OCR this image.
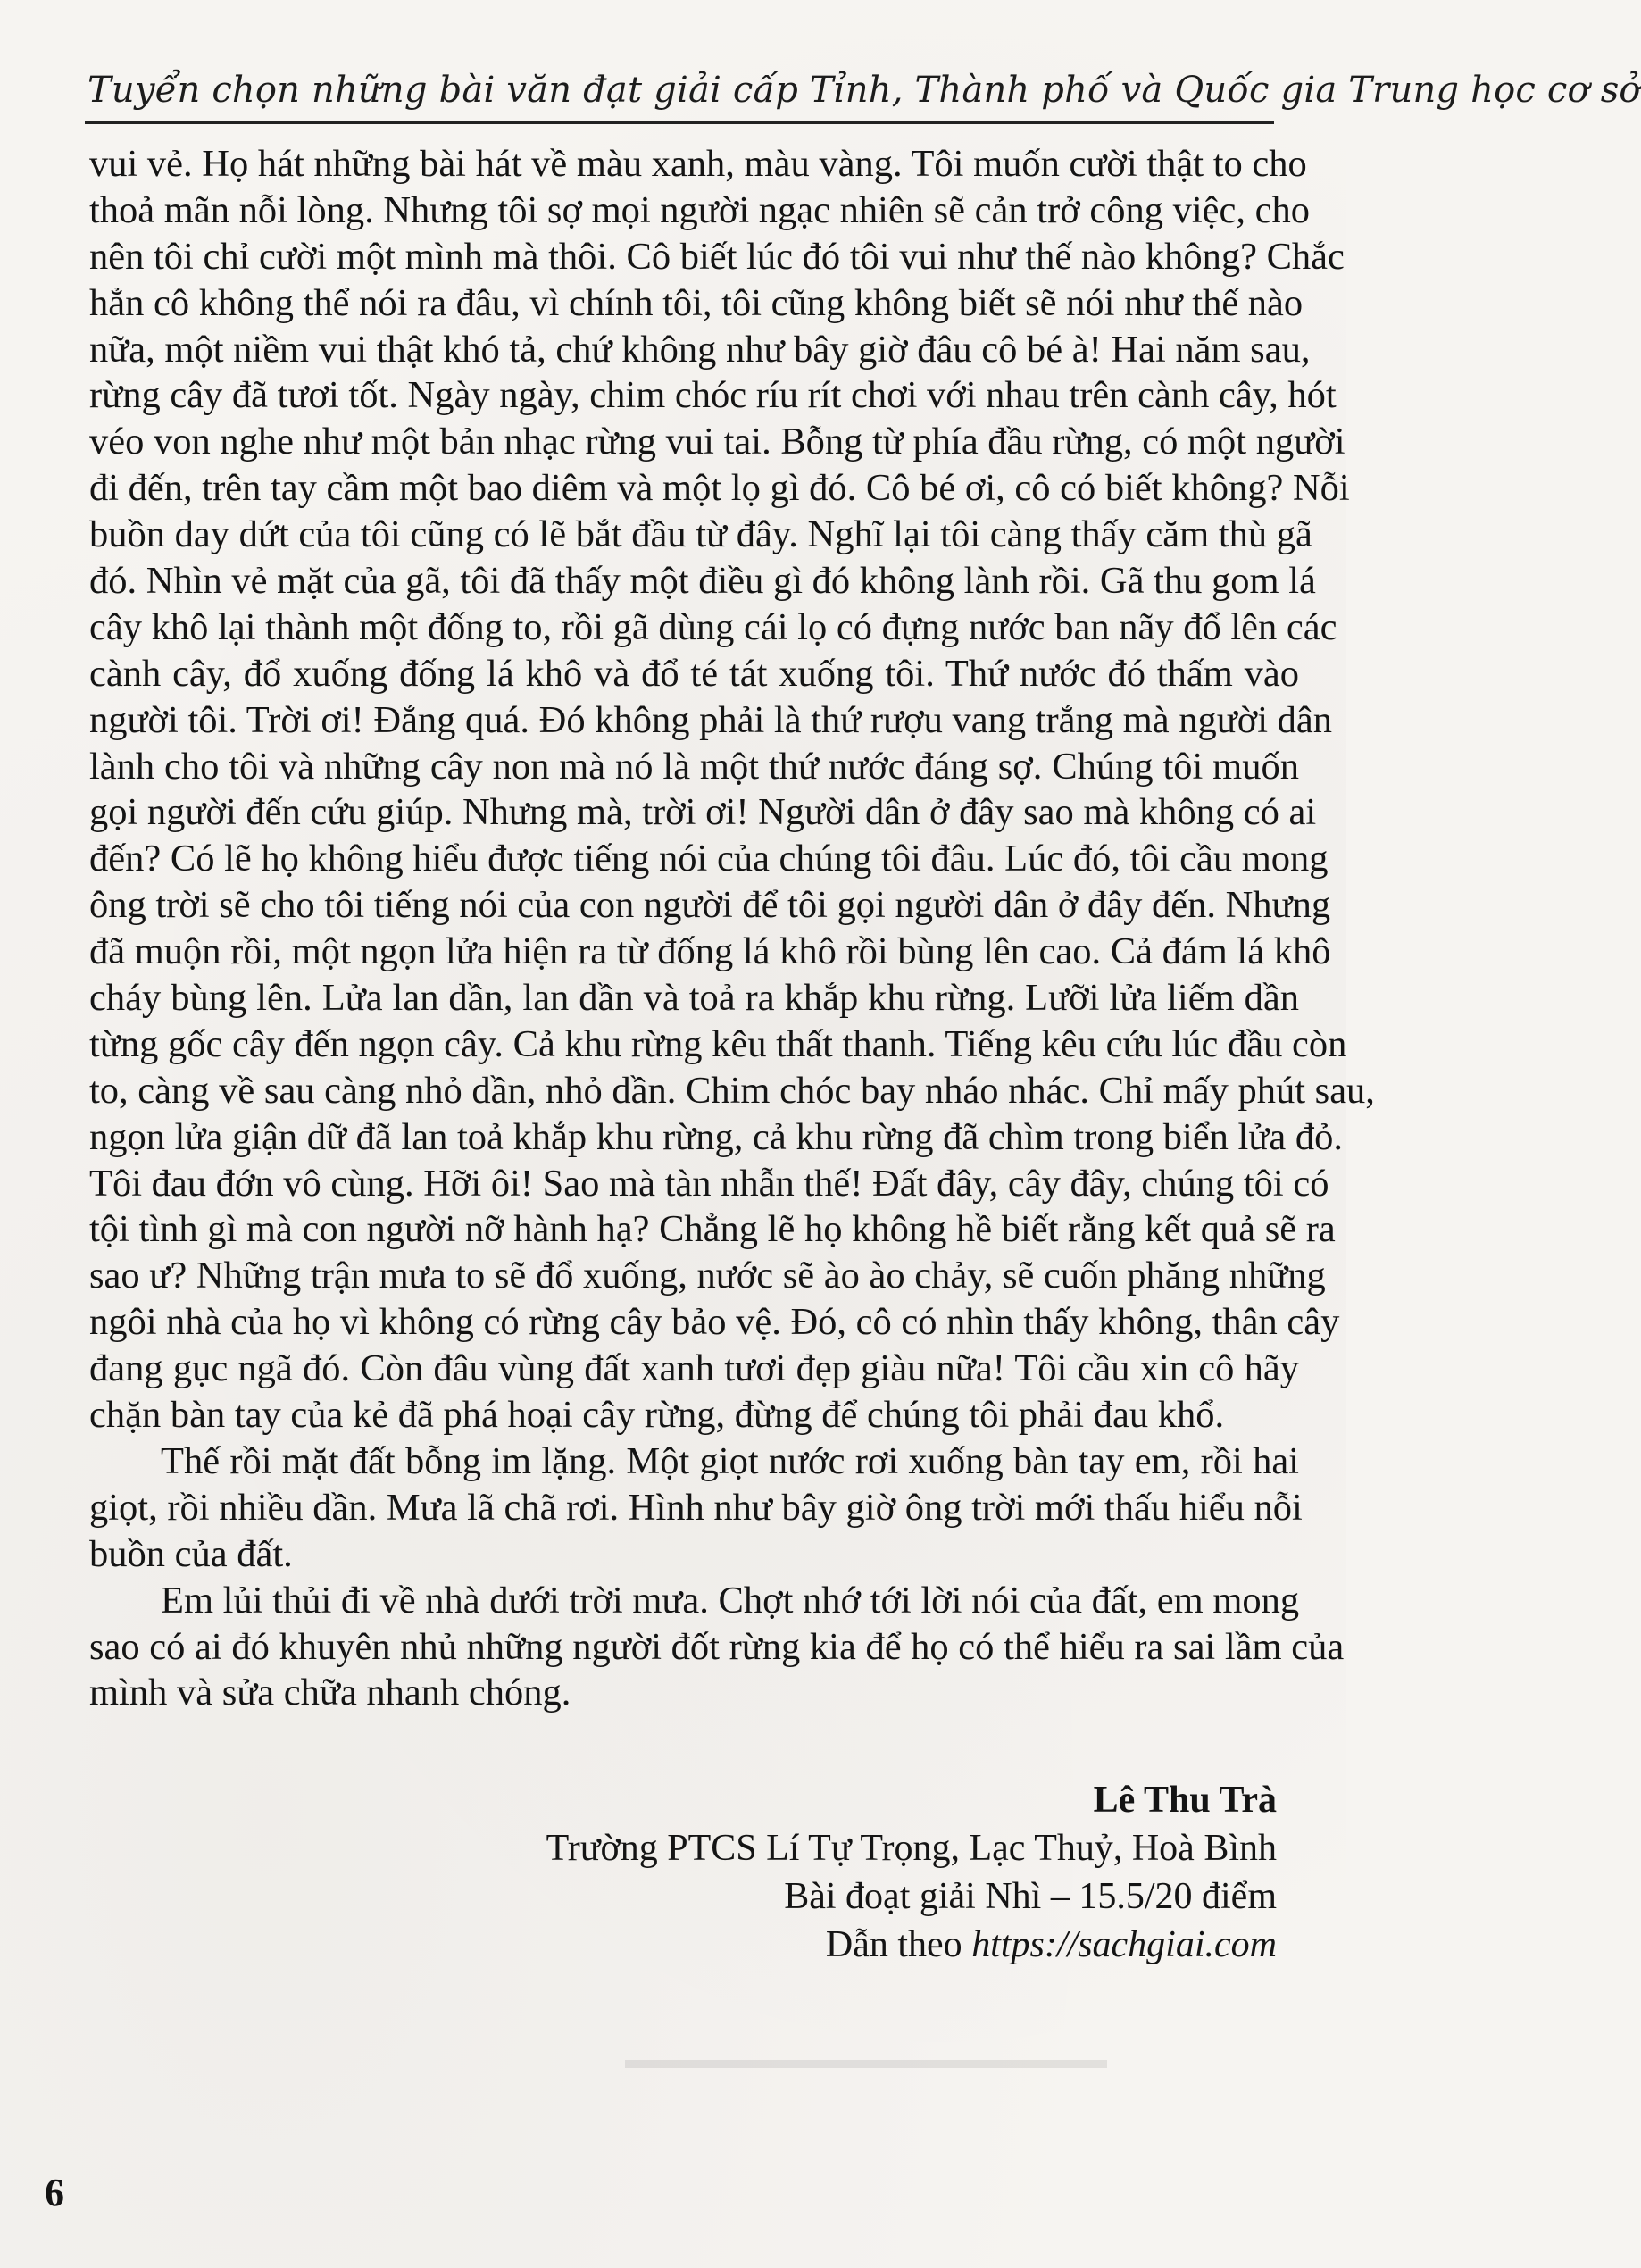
Tuyển chọn những bài văn đạt giải cấp Tỉnh, Thành phố và Quốc gia Trung học cơ sở
▬▬▬▬▬▬▬▬▬▬▬▬▬▬▬▬▬▬
vui vẻ. Họ hát những bài hát về màu xanh, màu vàng. Tôi muốn cười thật to cho
thoả mãn nỗi lòng. Nhưng tôi sợ mọi người ngạc nhiên sẽ cản trở công việc, cho
nên tôi chỉ cười một mình mà thôi. Cô biết lúc đó tôi vui như thế nào không? Chắc
hẳn cô không thể nói ra đâu, vì chính tôi, tôi cũng không biết sẽ nói như thế nào
nữa, một niềm vui thật khó tả, chứ không như bây giờ đâu cô bé à! Hai năm sau,
rừng cây đã tươi tốt. Ngày ngày, chim chóc ríu rít chơi với nhau trên cành cây, hót
véo von nghe như một bản nhạc rừng vui tai. Bỗng từ phía đầu rừng, có một người
đi đến, trên tay cầm một bao diêm và một lọ gì đó. Cô bé ơi, cô có biết không? Nỗi
buồn day dứt của tôi cũng có lẽ bắt đầu từ đây. Nghĩ lại tôi càng thấy căm thù gã
đó. Nhìn vẻ mặt của gã, tôi đã thấy một điều gì đó không lành rồi. Gã thu gom lá
cây khô lại thành một đống to, rồi gã dùng cái lọ có đựng nước ban nãy đổ lên các
cành cây, đổ xuống đống lá khô và đổ té tát xuống tôi. Thứ nước đó thấm vào
người tôi. Trời ơi! Đắng quá. Đó không phải là thứ rượu vang trắng mà người dân
lành cho tôi và những cây non mà nó là một thứ nước đáng sợ. Chúng tôi muốn
gọi người đến cứu giúp. Nhưng mà, trời ơi! Người dân ở đây sao mà không có ai
đến? Có lẽ họ không hiểu được tiếng nói của chúng tôi đâu. Lúc đó, tôi cầu mong
ông trời sẽ cho tôi tiếng nói của con người để tôi gọi người dân ở đây đến. Nhưng
đã muộn rồi, một ngọn lửa hiện ra từ đống lá khô rồi bùng lên cao. Cả đám lá khô
cháy bùng lên. Lửa lan dần, lan dần và toả ra khắp khu rừng. Lưỡi lửa liếm dần
từng gốc cây đến ngọn cây. Cả khu rừng kêu thất thanh. Tiếng kêu cứu lúc đầu còn
to, càng về sau càng nhỏ dần, nhỏ dần. Chim chóc bay nháo nhác. Chỉ mấy phút sau,
ngọn lửa giận dữ đã lan toả khắp khu rừng, cả khu rừng đã chìm trong biển lửa đỏ.
Tôi đau đớn vô cùng. Hỡi ôi! Sao mà tàn nhẫn thế! Đất đây, cây đây, chúng tôi có
tội tình gì mà con người nỡ hành hạ? Chẳng lẽ họ không hề biết rằng kết quả sẽ ra
sao ư? Những trận mưa to sẽ đổ xuống, nước sẽ ào ào chảy, sẽ cuốn phăng những
ngôi nhà của họ vì không có rừng cây bảo vệ. Đó, cô có nhìn thấy không, thân cây
đang gục ngã đó. Còn đâu vùng đất xanh tươi đẹp giàu nữa! Tôi cầu xin cô hãy
chặn bàn tay của kẻ đã phá hoại cây rừng, đừng để chúng tôi phải đau khổ.
Thế rồi mặt đất bỗng im lặng. Một giọt nước rơi xuống bàn tay em, rồi hai
giọt, rồi nhiều dần. Mưa lã chã rơi. Hình như bây giờ ông trời mới thấu hiểu nỗi
buồn của đất.
Em lủi thủi đi về nhà dưới trời mưa. Chợt nhớ tới lời nói của đất, em mong
sao có ai đó khuyên nhủ những người đốt rừng kia để họ có thể hiểu ra sai lầm của
mình và sửa chữa nhanh chóng.
Lê Thu Trà
Trường PTCS Lí Tự Trọng, Lạc Thuỷ, Hoà Bình
Bài đoạt giải Nhì – 15.5/20 điểm
Dẫn theo https://sachgiai.com
6
